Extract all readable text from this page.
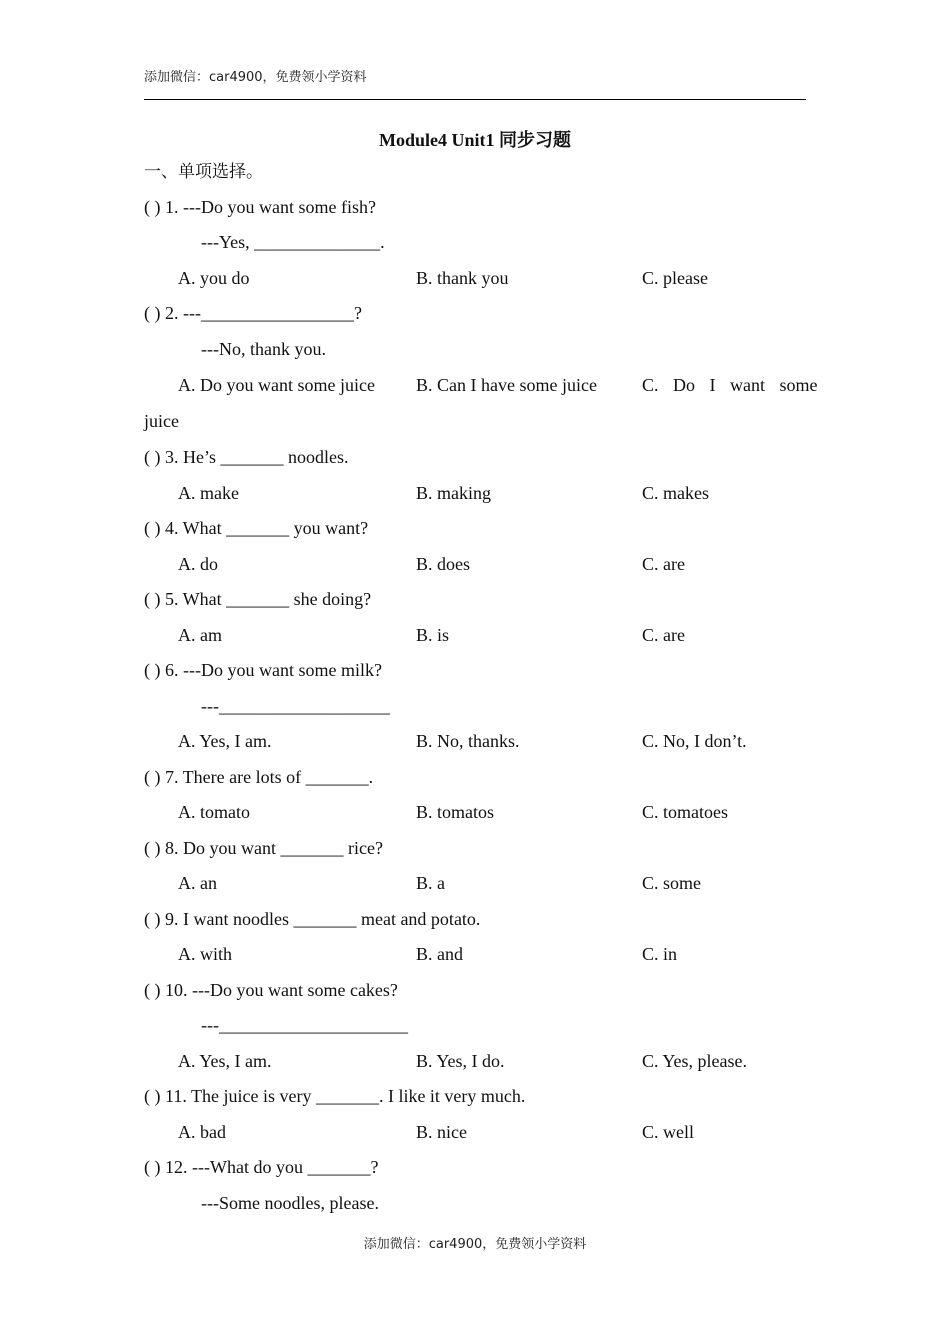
添加微信：car4900，免费领小学资料
Module4 Unit1 同步习题
一、单项选择。
( ) 1. ---Do you want some fish?
---Yes, ______________.
A. you do	B. thank you	C. please
( ) 2. ---_________________?
---No, thank you.
A. Do you want some juice B. Can I have some juice	C. Do I want some
juice
( ) 3. He’s _______ noodles.
A. make	B. making	C. makes
( ) 4. What _______ you want?
A. do	B. does	C. are
( ) 5. What _______ she doing?
A. am	B. is	C. are
( ) 6. ---Do you want some milk?
---___________________
A. Yes, I am.	B. No, thanks.	C. No, I don’t.
( ) 7. There are lots of _______.
A. tomato	B. tomatos	C. tomatoes
( ) 8. Do you want _______ rice?
A. an	B. a	C. some
( ) 9. I want noodles _______ meat and potato.
A. with	B. and	C. in
( ) 10. ---Do you want some cakes?
---_____________________
A. Yes, I am.	B. Yes, I do.	C. Yes, please.
( ) 11. The juice is very _______. I like it very much.
A. bad	B. nice	C. well
( ) 12. ---What do you _______?
---Some noodles, please.
添加微信：car4900，免费领小学资料
